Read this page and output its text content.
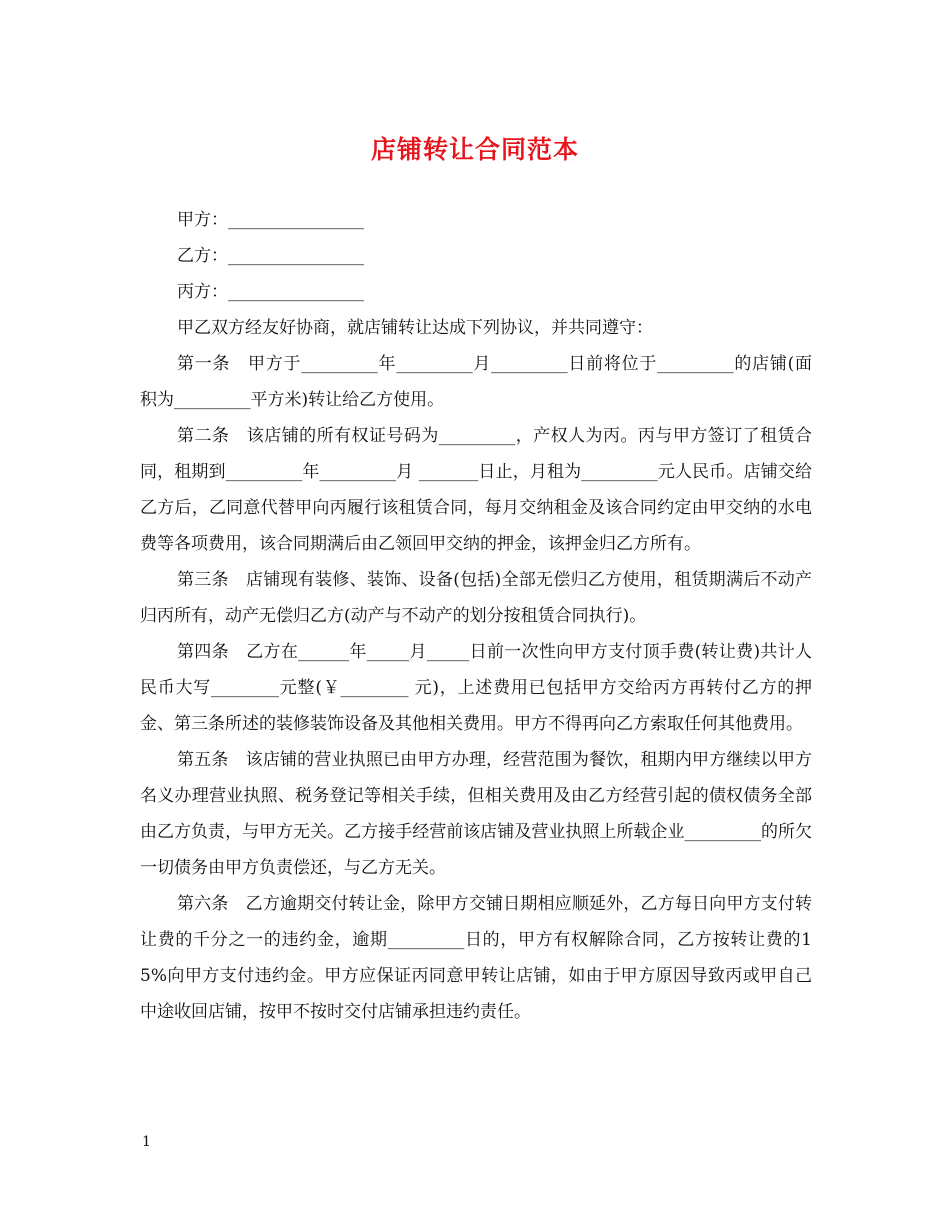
店铺转让合同范本

甲方：________________

乙方：________________

丙方：________________

甲乙双方经友好协商，就店铺转让达成下列协议，并共同遵守：

第一条　甲方于_________年_________月_________日前将位于_________的店铺(面积为_________平方米)转让给乙方使用。

第二条　该店铺的所有权证号码为_________，产权人为丙。丙与甲方签订了租赁合同，租期到_________年_________月 _______日止，月租为_________元人民币。店铺交给乙方后，乙同意代替甲向丙履行该租赁合同，每月交纳租金及该合同约定由甲交纳的水电费等各项费用，该合同期满后由乙领回甲交纳的押金，该押金归乙方所有。

第三条　店铺现有装修、装饰、设备(包括)全部无偿归乙方使用，租赁期满后不动产归丙所有，动产无偿归乙方(动产与不动产的划分按租赁合同执行)。

第四条　乙方在______年_____月_____日前一次性向甲方支付顶手费(转让费)共计人民币大写________元整(￥________ 元)，上述费用已包括甲方交给丙方再转付乙方的押金、第三条所述的装修装饰设备及其他相关费用。甲方不得再向乙方索取任何其他费用。

第五条　该店铺的营业执照已由甲方办理，经营范围为餐饮，租期内甲方继续以甲方名义办理营业执照、税务登记等相关手续，但相关费用及由乙方经营引起的债权债务全部由乙方负责，与甲方无关。乙方接手经营前该店铺及营业执照上所载企业_________的所欠一切债务由甲方负责偿还，与乙方无关。

第六条　乙方逾期交付转让金，除甲方交铺日期相应顺延外，乙方每日向甲方支付转让费的千分之一的违约金，逾期_________日的，甲方有权解除合同，乙方按转让费的15%向甲方支付违约金。甲方应保证丙同意甲转让店铺，如由于甲方原因导致丙或甲自己中途收回店铺，按甲不按时交付店铺承担违约责任。

1
